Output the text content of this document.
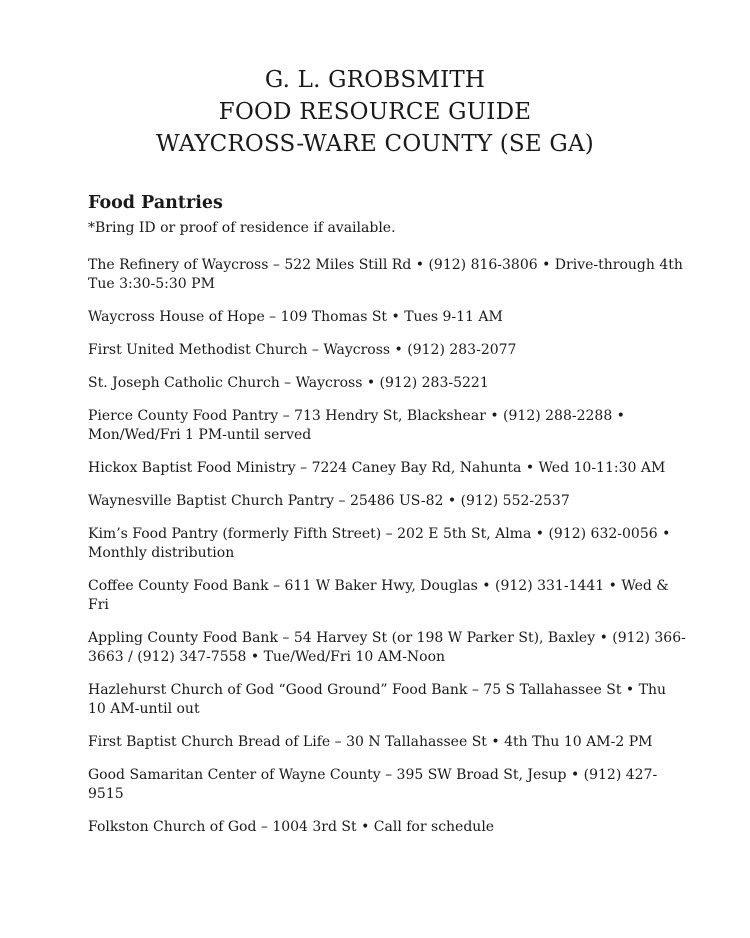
G. L. GROBSMITH
FOOD RESOURCE GUIDE
WAYCROSS-WARE COUNTY (SE GA)
Food Pantries
*Bring ID or proof of residence if available.
The Refinery of Waycross – 522 Miles Still Rd • (912) 816-3806 • Drive-through 4th Tue 3:30-5:30 PM
Waycross House of Hope – 109 Thomas St • Tues 9-11 AM
First United Methodist Church – Waycross • (912) 283-2077
St. Joseph Catholic Church – Waycross • (912) 283-5221
Pierce County Food Pantry – 713 Hendry St, Blackshear • (912) 288-2288 • Mon/Wed/Fri 1 PM-until served
Hickox Baptist Food Ministry – 7224 Caney Bay Rd, Nahunta • Wed 10-11:30 AM
Waynesville Baptist Church Pantry – 25486 US-82 • (912) 552-2537
Kim’s Food Pantry (formerly Fifth Street) – 202 E 5th St, Alma • (912) 632-0056 • Monthly distribution
Coffee County Food Bank – 611 W Baker Hwy, Douglas • (912) 331-1441 • Wed & Fri
Appling County Food Bank – 54 Harvey St (or 198 W Parker St), Baxley • (912) 366-3663 / (912) 347-7558 • Tue/Wed/Fri 10 AM-Noon
Hazlehurst Church of God “Good Ground” Food Bank – 75 S Tallahassee St • Thu 10 AM-until out
First Baptist Church Bread of Life – 30 N Tallahassee St • 4th Thu 10 AM-2 PM
Good Samaritan Center of Wayne County – 395 SW Broad St, Jesup • (912) 427-9515
Folkston Church of God – 1004 3rd St • Call for schedule
